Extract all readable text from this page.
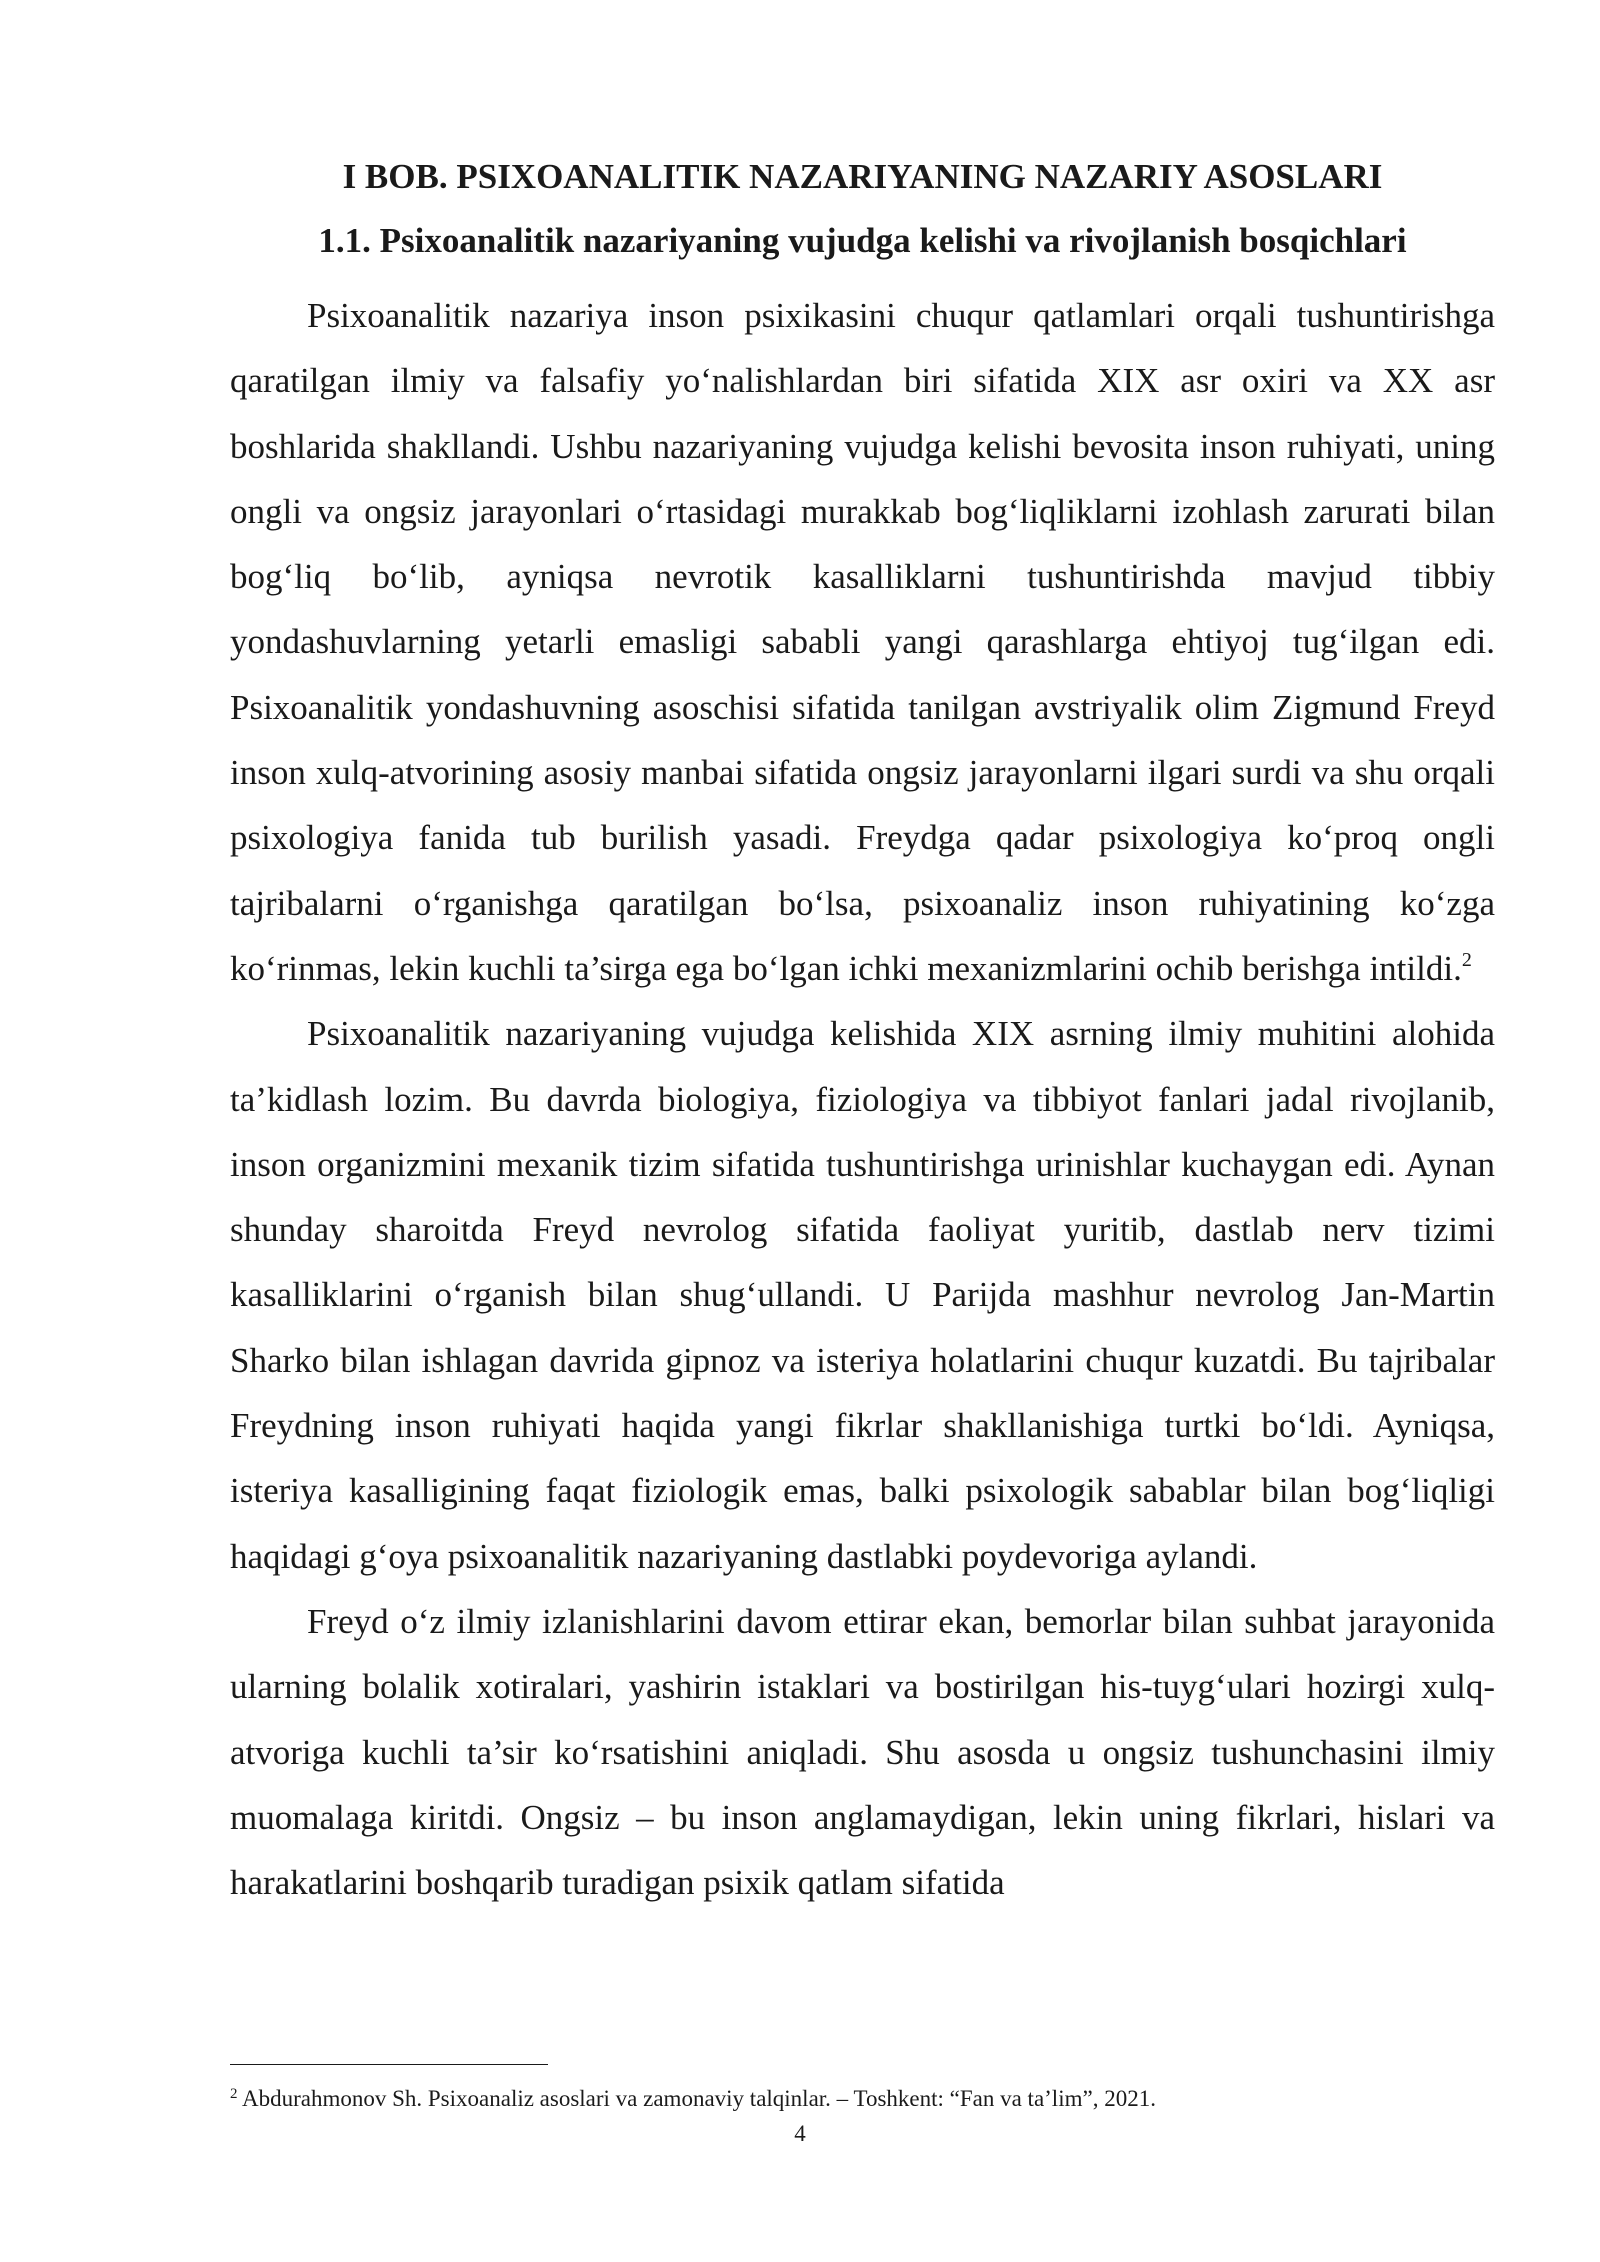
I BOB. PSIXOANALITIK NAZARIYANING NAZARIY ASOSLARI
1.1. Psixoanalitik nazariyaning vujudga kelishi va rivojlanish bosqichlari

Psixoanalitik nazariya inson psixikasini chuqur qatlamlari orqali tushuntirishga qaratilgan ilmiy va falsafiy yo‘nalishlardan biri sifatida XIX asr oxiri va XX asr boshlarida shakllandi. Ushbu nazariyaning vujudga kelishi bevosita inson ruhiyati, uning ongli va ongsiz jarayonlari o‘rtasidagi murakkab bog‘liqliklarni izohlash zarurati bilan bog‘liq bo‘lib, ayniqsa nevrotik kasalliklarni tushuntirishda mavjud tibbiy yondashuvlarning yetarli emasligi sababli yangi qarashlarga ehtiyoj tug‘ilgan edi. Psixoanalitik yondashuvning asoschisi sifatida tanilgan avstriyalik olim Zigmund Freyd inson xulq-atvorining asosiy manbai sifatida ongsiz jarayonlarni ilgari surdi va shu orqali psixologiya fanida tub burilish yasadi. Freydga qadar psixologiya ko‘proq ongli tajribalarni o‘rganishga qaratilgan bo‘lsa, psixoanaliz inson ruhiyatining ko‘zga ko‘rinmas, lekin kuchli ta’sirga ega bo‘lgan ichki mexanizmlarini ochib berishga intildi.$^2$

Psixoanalitik nazariyaning vujudga kelishida XIX asrning ilmiy muhitini alohida ta’kidlash lozim. Bu davrda biologiya, fiziologiya va tibbiyot fanlari jadal rivojlanib, inson organizmini mexanik tizim sifatida tushuntirishga urinishlar kuchaygan edi. Aynan shunday sharoitda Freyd nevrolog sifatida faoliyat yuritib, dastlab nerv tizimi kasalliklarini o‘rganish bilan shug‘ullandi. U Parijda mashhur nevrolog Jan-Martin Sharko bilan ishlagan davrida gipnoz va isteriya holatlarini chuqur kuzatdi. Bu tajribalar Freydning inson ruhiyati haqida yangi fikrlar shakllanishiga turtki bo‘ldi. Ayniqsa, isteriya kasalligining faqat fiziologik emas, balki psixologik sabablar bilan bog‘liqligi haqidagi g‘oya psixoanalitik nazariyaning dastlabki poydevoriga aylandi.

Freyd o‘z ilmiy izlanishlarini davom ettirar ekan, bemorlar bilan suhbat jarayonida ularning bolalik xotiralari, yashirin istaklari va bostirilgan his-tuyg‘ulari hozirgi xulq-atvoriga kuchli ta’sir ko‘rsatishini aniqladi. Shu asosda u ongsiz tushunchasini ilmiy muomalaga kiritdi. Ongsiz – bu inson anglamaydigan, lekin uning fikrlari, hislari va harakatlarini boshqarib turadigan psixik qatlam sifatida

$^2$ Abdurahmonov Sh. Psixoanaliz asoslari va zamonaviy talqinlar. – Toshkent: “Fan va ta’lim”, 2021.

4
